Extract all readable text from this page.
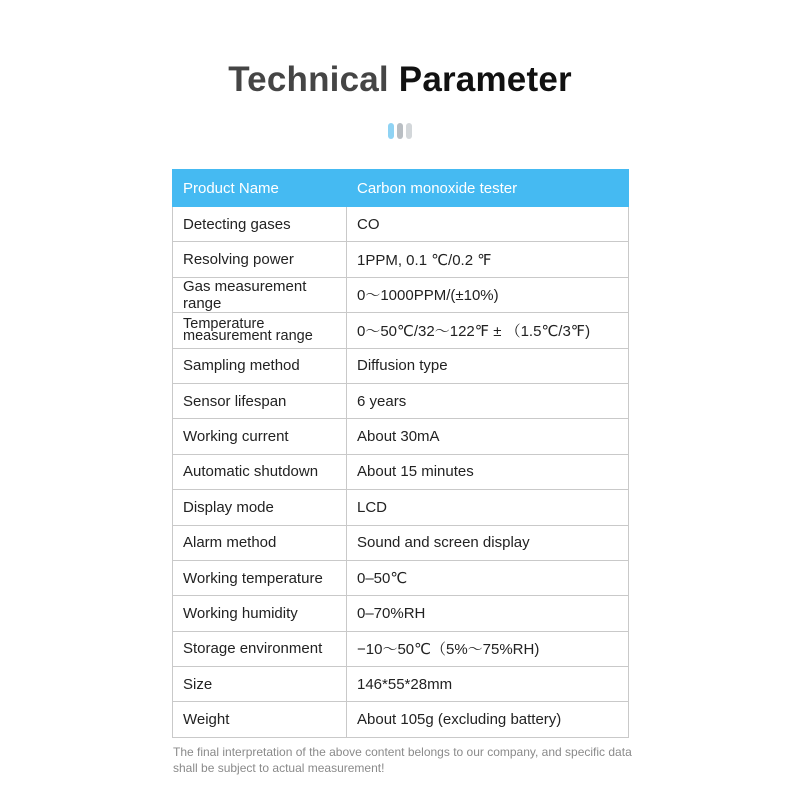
Technical Parameter
Product Name	Carbon monoxide tester
Detecting gases	CO
Resolving power	1PPM, 0.1 ℃/0.2 ℉
Gas measurement range	0～1000PPM/(±10%)
Temperature measurement range	0～50℃/32～122℉ ± （1.5℃/3℉)
Sampling method	Diffusion type
Sensor lifespan	6 years
Working current	About 30mA
Automatic shutdown	About 15 minutes
Display mode	LCD
Alarm method	Sound and screen display
Working temperature	0–50℃
Working humidity	0–70%RH
Storage environment	−10～50℃（5%～75%RH)
Size	146*55*28mm
Weight	About 105g (excluding battery)
The final interpretation of the above content belongs to our company, and specific data shall be subject to actual measurement!
